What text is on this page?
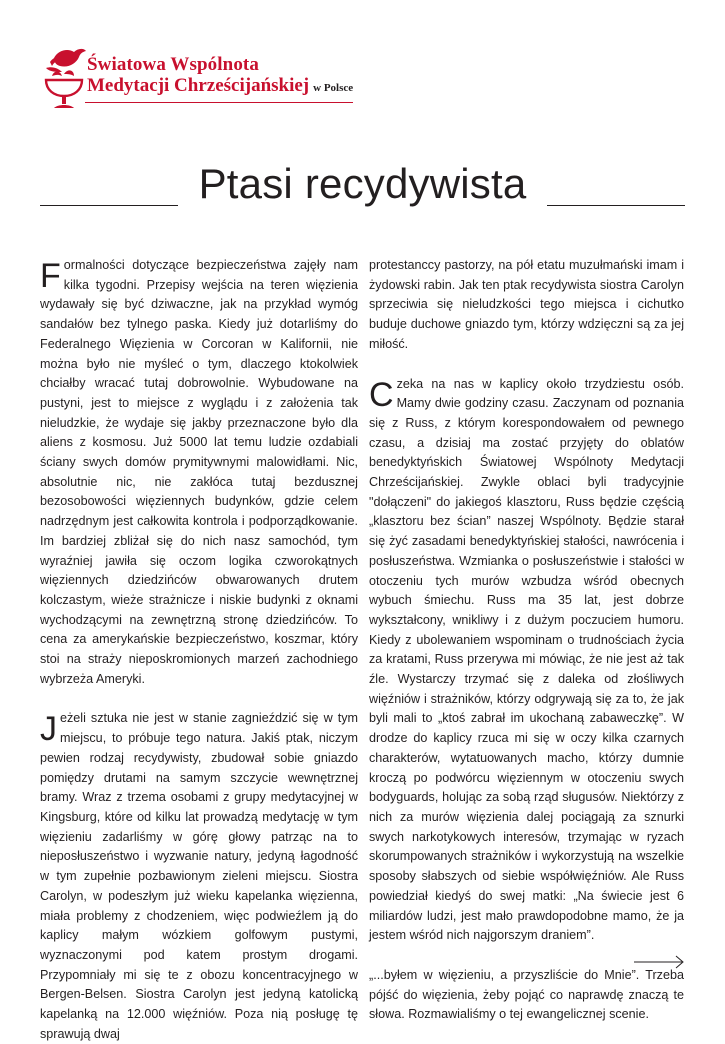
Światowa Wspólnota
Medytacji Chrześcijańskiej w Polsce
Ptasi recydywista

Formalności dotyczące bezpieczeństwa zajęły nam kilka tygodni. Przepisy wejścia na teren więzienia wydawały się być dziwaczne, jak na przykład wymóg sandałów bez tylnego paska. Kiedy już dotarliśmy do Federalnego Więzienia w Corcoran w Kalifornii, nie można było nie myśleć o tym, dlaczego ktokolwiek chciałby wracać tutaj dobrowolnie. Wybudowane na pustyni, jest to miejsce z wyglądu i z założenia tak nieludzkie, że wydaje się jakby przeznaczone było dla aliens z kosmosu. Już 5000 lat temu ludzie ozdabiali ściany swych domów prymitywnymi malowidłami. Nic, absolutnie nic, nie zakłóca tutaj bezdusznej bezosobowości więziennych budynków, gdzie celem nadrzędnym jest całkowita kontrola i podporządkowanie. Im bardziej zbliżał się do nich nasz samochód, tym wyraźniej jawiła się oczom logika czworokątnych więziennych dziedzińców obwarowanych drutem kolczastym, wieże strażnicze i niskie budynki z oknami wychodzącymi na zewnętrzną stronę dziedzińców. To cena za amerykańskie bezpieczeństwo, koszmar, który stoi na straży nieposkromionych marzeń zachodniego wybrzeża Ameryki.

Jeżeli sztuka nie jest w stanie zagnieździć się w tym miejscu, to próbuje tego natura. Jakiś ptak, niczym pewien rodzaj recydywisty, zbudował sobie gniazdo pomiędzy drutami na samym szczycie wewnętrznej bramy. Wraz z trzema osobami z grupy medytacyjnej w Kingsburg, które od kilku lat prowadzą medytację w tym więzieniu zadarliśmy w górę głowy patrząc na to nieposłuszeństwo i wyzwanie natury, jedyną łagodność w tym zupełnie pozbawionym zieleni miejscu. Siostra Carolyn, w podeszłym już wieku kapelanka więzienna, miała problemy z chodzeniem, więc podwieźlem ją do kaplicy małym wózkiem golfowym pustymi, wyznaczonymi pod katem prostym drogami. Przypomniały mi się te z obozu koncentracyjnego w Bergen-Belsen. Siostra Carolyn jest jedyną katolicką kapelanką na 12.000 więźniów. Poza nią posługę tę sprawują dwaj

protestanccy pastorzy, na pół etatu muzułmański imam i żydowski rabin. Jak ten ptak recydywista siostra Carolyn sprzeciwia się nieludzkości tego miejsca i cichutko buduje duchowe gniazdo tym, którzy wdzięczni są za jej miłość.

Czeka na nas w kaplicy około trzydziestu osób. Mamy dwie godziny czasu. Zaczynam od poznania się z Russ, z którym korespondowałem od pewnego czasu, a dzisiaj ma zostać przyjęty do oblatów benedyktyńskich Światowej Wspólnoty Medytacji Chrześcijańskiej. Zwykle oblaci byli tradycyjnie "dołączeni" do jakiegoś klasztoru, Russ będzie częścią „klasztoru bez ścian” naszej Wspólnoty. Będzie starał się żyć zasadami benedyktyńskiej stałości, nawrócenia i posłuszeństwa. Wzmianka o posłuszeństwie i stałości w otoczeniu tych murów wzbudza wśród obecnych wybuch śmiechu. Russ ma 35 lat, jest dobrze wykształcony, wnikliwy i z dużym poczuciem humoru. Kiedy z ubolewaniem wspominam o trudnościach życia za kratami, Russ przerywa mi mówiąc, że nie jest aż tak źle. Wystarczy trzymać się z daleka od złośliwych więźniów i strażników, którzy odgrywają się za to, że jak byli mali to „ktoś zabrał im ukochaną zabaweczkę”. W drodze do kaplicy rzuca mi się w oczy kilka czarnych charakterów, wytatuowanych macho, którzy dumnie kroczą po podwórcu więziennym w otoczeniu swych bodyguards, holując za sobą rząd sługusów. Niektórzy z nich za murów więzienia dalej pociągają za sznurki swych narkotykowych interesów, trzymając w ryzach skorumpowanych strażników i wykorzystują na wszelkie sposoby słabszych od siebie współwięźniów. Ale Russ powiedział kiedyś do swej matki: „Na świecie jest 6 miliardów ludzi, jest mało prawdopodobne mamo, że ja jestem wśród nich najgorszym draniem”.

„...byłem w więzieniu, a przyszliście do Mnie”. Trzeba pójść do więzienia, żeby pojąć co naprawdę znaczą te słowa. Rozmawialiśmy o tej ewangelicznej scenie.
